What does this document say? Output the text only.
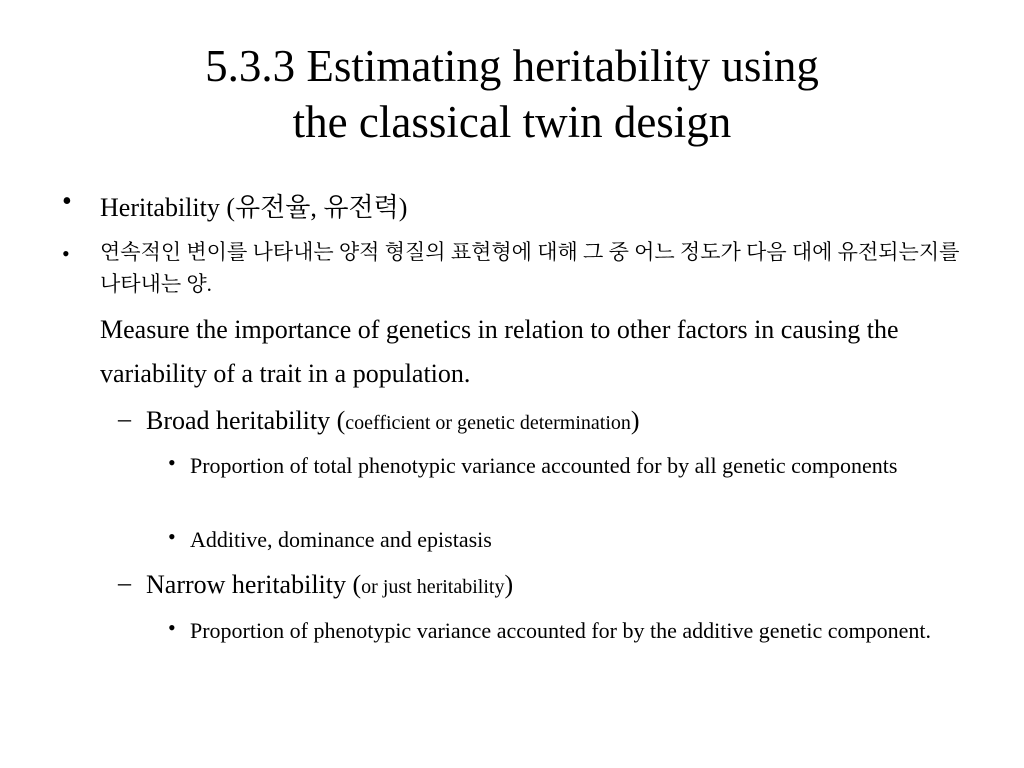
5.3.3 Estimating heritability using
the classical twin design
• Heritability (유전율, 유전력)

• 연속적인 변이를 나타내는 양적 형질의 표현형에 대해 그 중 어느 정도가 다음 대에 유전되는지를 나타내는 양.

Measure the importance of genetics in relation to other factors in causing the variability of a trait in a population.

– Broad heritability (coefficient or genetic determination)

• Proportion of total phenotypic variance accounted for by all genetic components

• Additive, dominance and epistasis

– Narrow heritability (or just heritability)

• Proportion of phenotypic variance accounted for by the additive genetic component.
